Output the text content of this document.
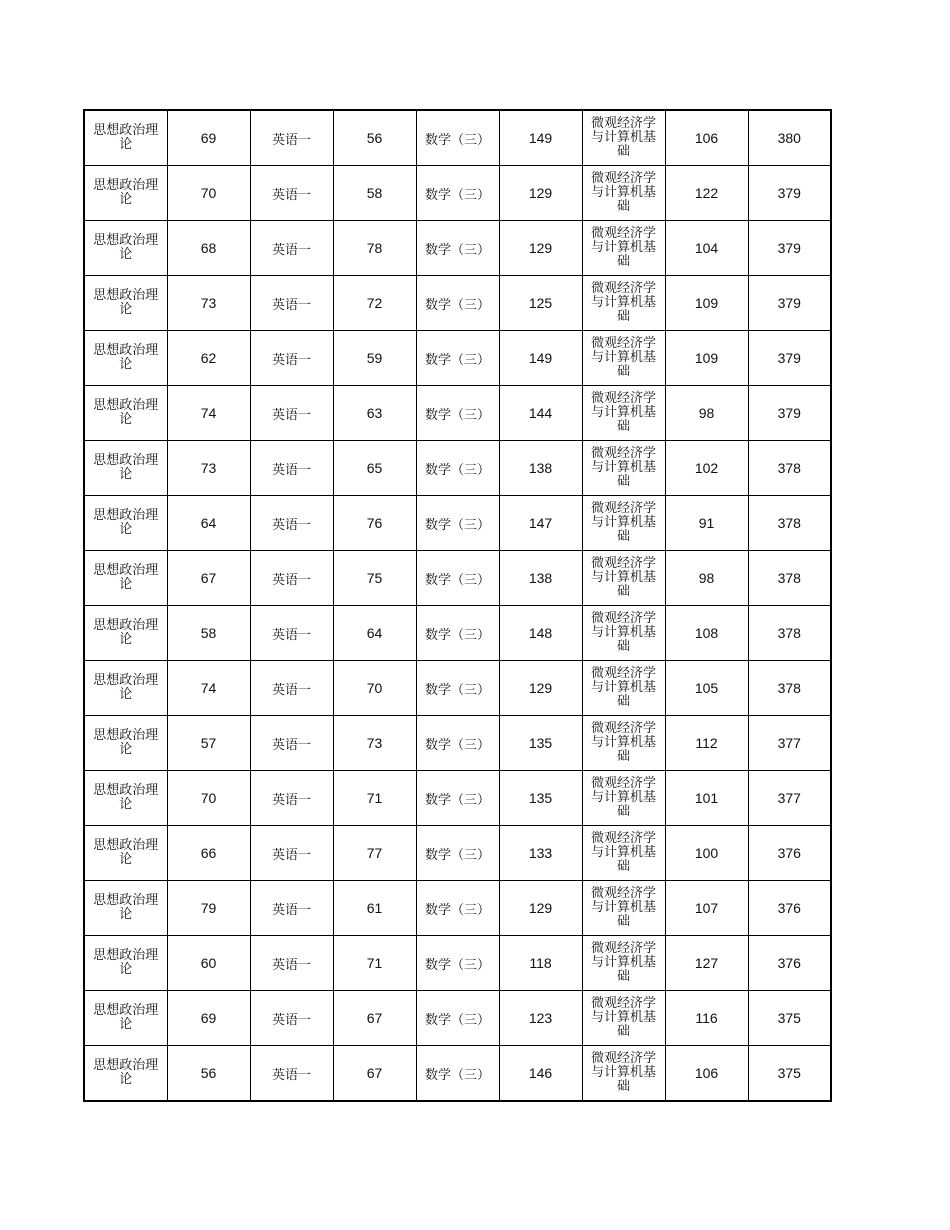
思想政治理论	69	英语一	56	数学（三）	149	微观经济学与计算机基础	106	380
思想政治理论	70	英语一	58	数学（三）	129	微观经济学与计算机基础	122	379
思想政治理论	68	英语一	78	数学（三）	129	微观经济学与计算机基础	104	379
思想政治理论	73	英语一	72	数学（三）	125	微观经济学与计算机基础	109	379
思想政治理论	62	英语一	59	数学（三）	149	微观经济学与计算机基础	109	379
思想政治理论	74	英语一	63	数学（三）	144	微观经济学与计算机基础	98	379
思想政治理论	73	英语一	65	数学（三）	138	微观经济学与计算机基础	102	378
思想政治理论	64	英语一	76	数学（三）	147	微观经济学与计算机基础	91	378
思想政治理论	67	英语一	75	数学（三）	138	微观经济学与计算机基础	98	378
思想政治理论	58	英语一	64	数学（三）	148	微观经济学与计算机基础	108	378
思想政治理论	74	英语一	70	数学（三）	129	微观经济学与计算机基础	105	378
思想政治理论	57	英语一	73	数学（三）	135	微观经济学与计算机基础	112	377
思想政治理论	70	英语一	71	数学（三）	135	微观经济学与计算机基础	101	377
思想政治理论	66	英语一	77	数学（三）	133	微观经济学与计算机基础	100	376
思想政治理论	79	英语一	61	数学（三）	129	微观经济学与计算机基础	107	376
思想政治理论	60	英语一	71	数学（三）	118	微观经济学与计算机基础	127	376
思想政治理论	69	英语一	67	数学（三）	123	微观经济学与计算机基础	116	375
思想政治理论	56	英语一	67	数学（三）	146	微观经济学与计算机基础	106	375
